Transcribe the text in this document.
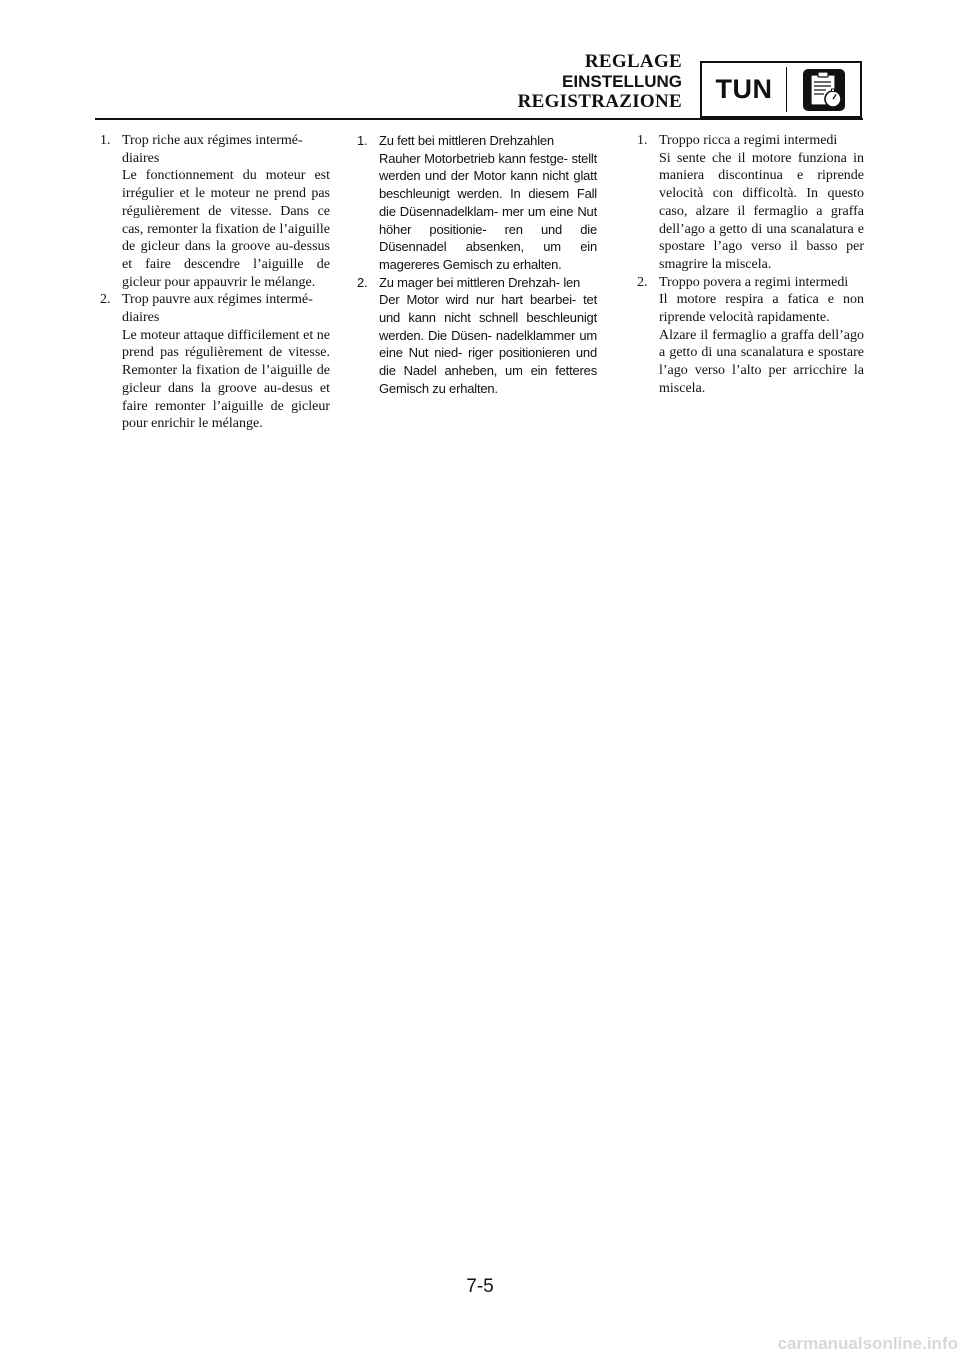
REGLAGE
EINSTELLUNG
REGISTRAZIONE	TUN
1. Trop riche aux régimes intermé- diaires

Le fonctionnement du moteur est irrégulier et le moteur ne prend pas régulièrement de vitesse. Dans ce cas, remonter la fixation de l’aiguille de gicleur dans la groove au-dessus et faire descendre l’aiguille de gicleur pour appauvrir le mélange.

2. Trop pauvre aux régimes intermé- diaires

Le moteur attaque difficilement et ne prend pas régulièrement de vitesse. Remonter la fixation de l’aiguille de gicleur dans la groove au-desus et faire remonter l’aiguille de gicleur pour enrichir le mélange.

1. Zu fett bei mittleren Drehzahlen

Rauher Motorbetrieb kann festge- stellt werden und der Motor kann nicht glatt beschleunigt werden. In diesem Fall die Düsennadelklam- mer um eine Nut höher positionie- ren und die Düsennadel absenken, um ein magereres Gemisch zu erhalten.

2. Zu mager bei mittleren Drehzah- len

Der Motor wird nur hart bearbei- tet und kann nicht schnell beschleunigt werden. Die Düsen- nadelklammer um eine Nut nied- riger positionieren und die Nadel anheben, um ein fetteres Gemisch zu erhalten.

1. Troppo ricca a regimi intermedi

Si sente che il motore funziona in maniera discontinua e riprende velocità con difficoltà. In questo caso, alzare il fermaglio a graffa dell’ago a getto di una scanalatura e spostare l’ago verso il basso per smagrire la miscela.

2. Troppo povera a regimi intermedi

Il motore respira a fatica e non riprende velocità rapidamente.

Alzare il fermaglio a graffa dell’ago a getto di una scanalatura e spostare l’ago verso l’alto per arricchire la miscela.

7-5
carmanualsonline.info
